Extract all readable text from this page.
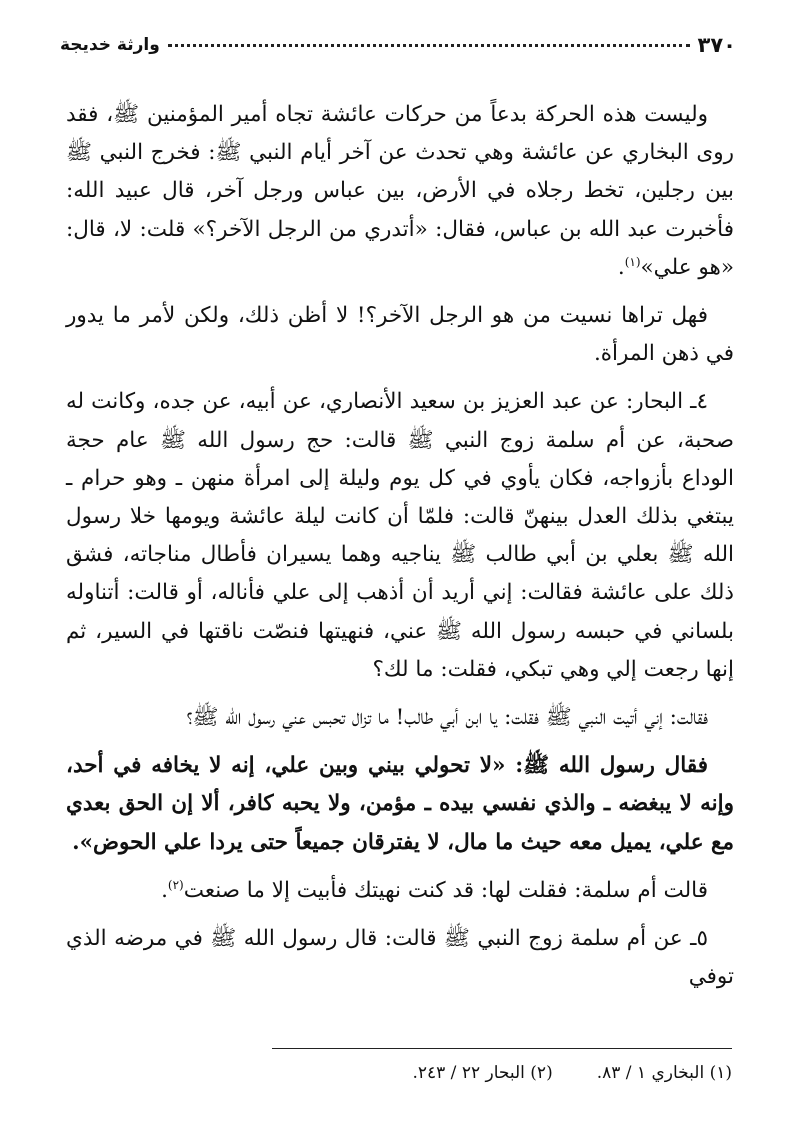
٣٧٠
وارثة خديجة

وليست هذه الحركة بدعاً من حركات عائشة تجاه أمير المؤمنين ﷺ، فقد روى البخاري عن عائشة وهي تحدث عن آخر أيام النبي ﷺ: فخرج النبي ﷺ بين رجلين، تخط رجلاه في الأرض، بين عباس ورجل آخر، قال عبيد الله: فأخبرت عبد الله بن عباس، فقال: «أتدري من الرجل الآخر؟» قلت: لا، قال: «هو علي»$^{(١)}$.

فهل تراها نسيت من هو الرجل الآخر؟! لا أظن ذلك، ولكن لأمر ما يدور في ذهن المرأة.

٤ـ البحار: عن عبد العزيز بن سعيد الأنصاري، عن أبيه، عن جده، وكانت له صحبة، عن أم سلمة زوج النبي ﷺ قالت: حج رسول الله ﷺ عام حجة الوداع بأزواجه، فكان يأوي في كل يوم وليلة إلى امرأة منهن ـ وهو حرام ـ يبتغي بذلك العدل بينهنّ قالت: فلمّا أن كانت ليلة عائشة ويومها خلا رسول الله ﷺ بعلي بن أبي طالب ﷺ يناجيه وهما يسيران فأطال مناجاته، فشق ذلك على عائشة فقالت: إني أريد أن أذهب إلى علي فأناله، أو قالت: أتناوله بلساني في حبسه رسول الله ﷺ عني، فنهيتها فنصّت ناقتها في السير، ثم إنها رجعت إلي وهي تبكي، فقلت: ما لك؟

فقالت: إني أتيت النبي ﷺ فقلت: يا ابن أبي طالب! ما تزال تحبس عني رسول الله ﷺ؟

فقال رسول الله ﷺ: «لا تحولي بيني وبين علي، إنه لا يخافه في أحد، وإنه لا يبغضه ـ والذي نفسي بيده ـ مؤمن، ولا يحبه كافر، ألا إن الحق بعدي مع علي، يميل معه حيث ما مال، لا يفترقان جميعاً حتى يردا علي الحوض».

قالت أم سلمة: فقلت لها: قد كنت نهيتك فأبيت إلا ما صنعت$^{(٢)}$.

٥ـ عن أم سلمة زوج النبي ﷺ قالت: قال رسول الله ﷺ في مرضه الذي توفي

(١) البخاري ١ / ٨٣.
(٢) البحار ٢٢ / ٢٤٣.
